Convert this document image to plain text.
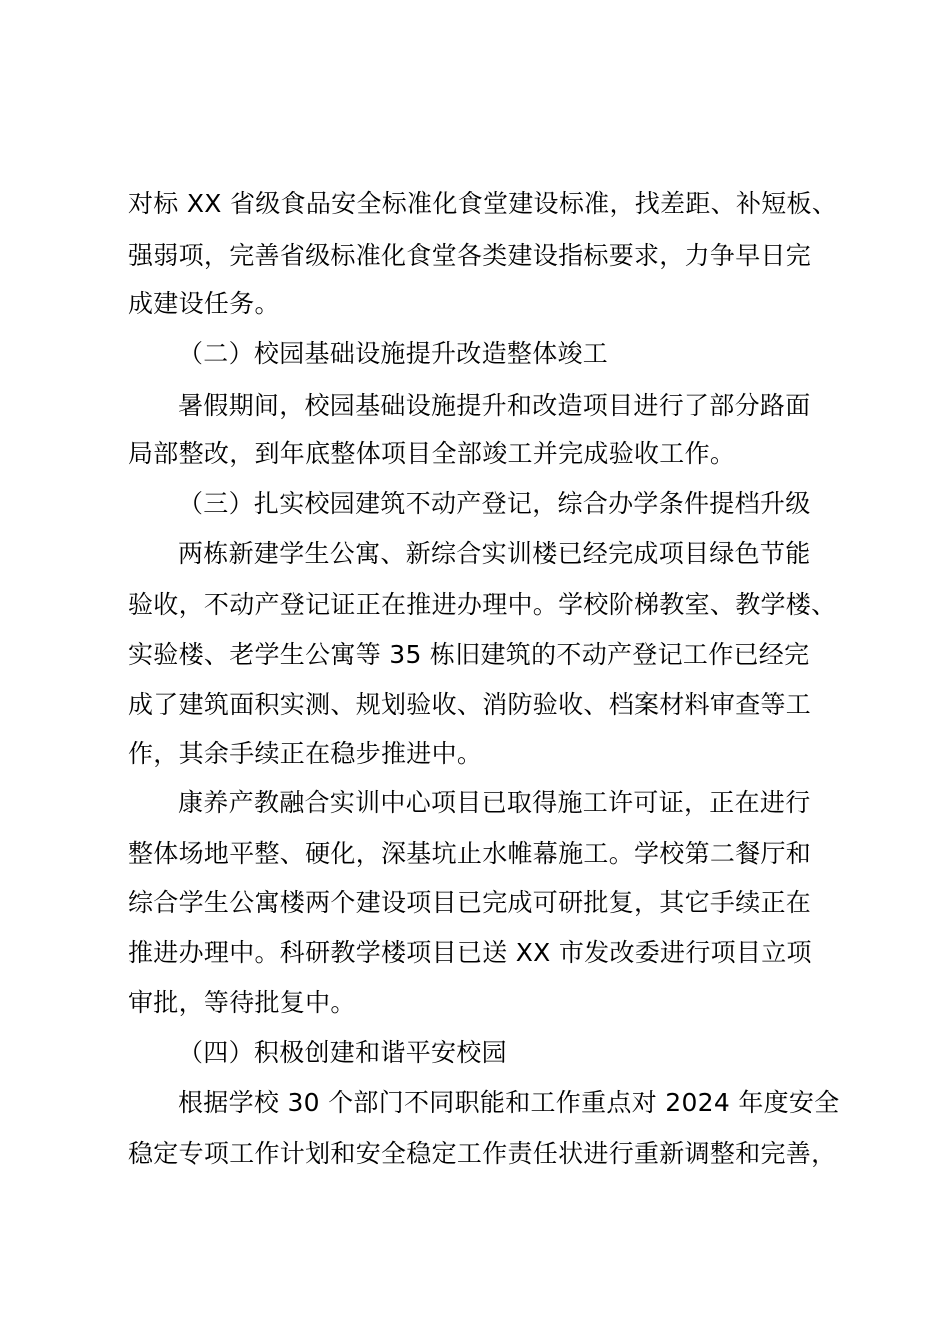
对标 XX 省级食品安全标准化食堂建设标准，找差距、补短板、
强弱项，完善省级标准化食堂各类建设指标要求，力争早日完
成建设任务。
（二）校园基础设施提升改造整体竣工
暑假期间，校园基础设施提升和改造项目进行了部分路面
局部整改，到年底整体项目全部竣工并完成验收工作。
（三）扎实校园建筑不动产登记，综合办学条件提档升级
两栋新建学生公寓、新综合实训楼已经完成项目绿色节能
验收，不动产登记证正在推进办理中。学校阶梯教室、教学楼、
实验楼、老学生公寓等 35 栋旧建筑的不动产登记工作已经完
成了建筑面积实测、规划验收、消防验收、档案材料审查等工
作，其余手续正在稳步推进中。
康养产教融合实训中心项目已取得施工许可证，正在进行
整体场地平整、硬化，深基坑止水帷幕施工。学校第二餐厅和
综合学生公寓楼两个建设项目已完成可研批复，其它手续正在
推进办理中。科研教学楼项目已送 XX 市发改委进行项目立项
审批，等待批复中。
（四）积极创建和谐平安校园
根据学校 30 个部门不同职能和工作重点对 2024 年度安全
稳定专项工作计划和安全稳定工作责任状进行重新调整和完善，
